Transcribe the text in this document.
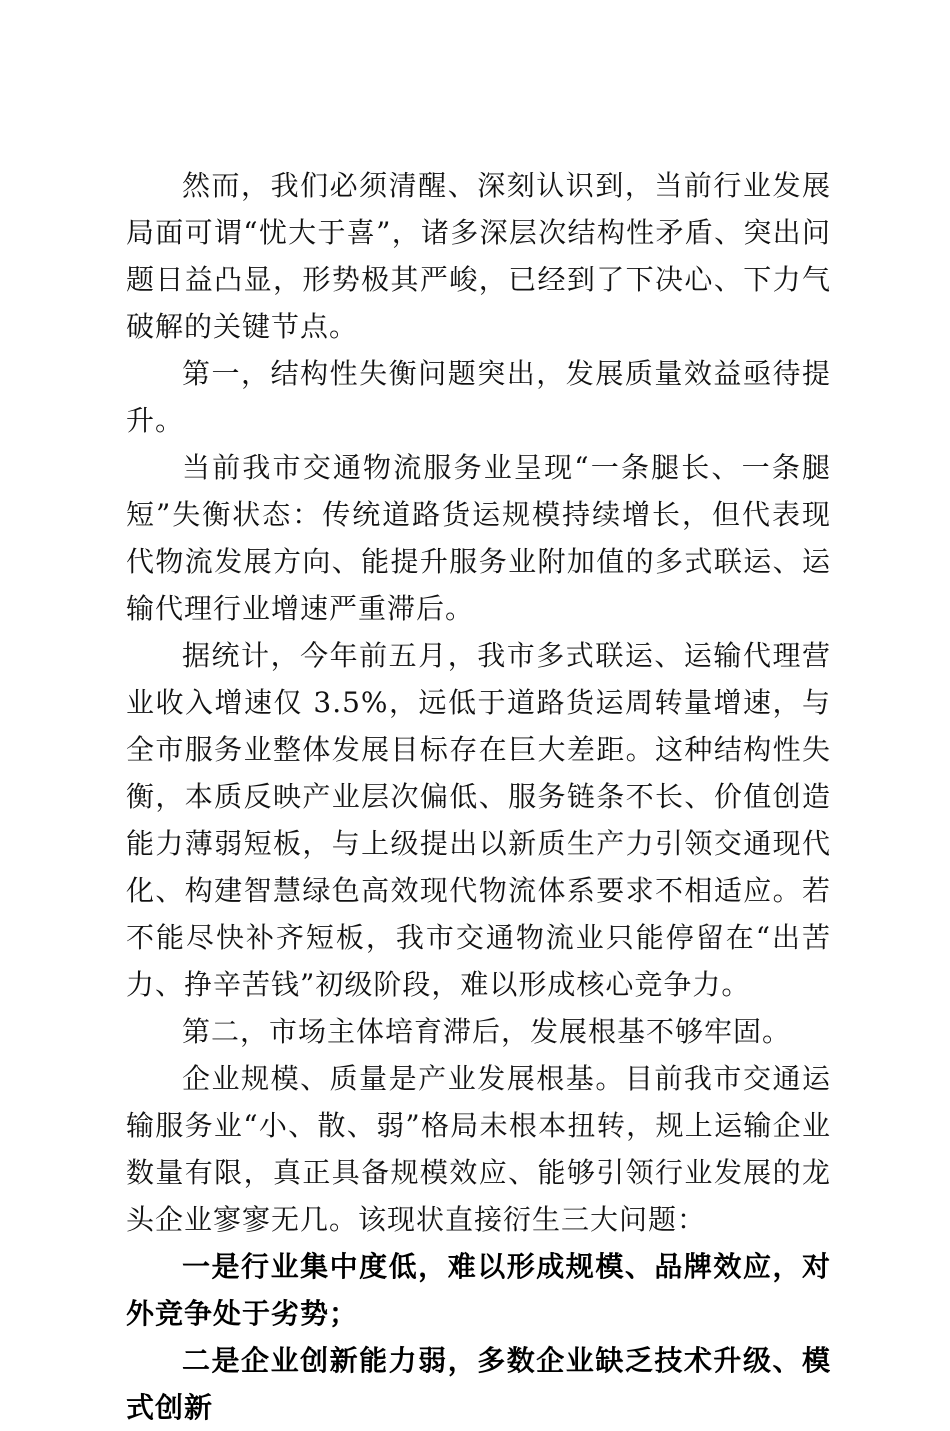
然而，我们必须清醒、深刻认识到，当前行业发展局面可谓“忧大于喜”，诸多深层次结构性矛盾、突出问题日益凸显，形势极其严峻，已经到了下决心、下力气破解的关键节点。

第一，结构性失衡问题突出，发展质量效益亟待提升。

当前我市交通物流服务业呈现“一条腿长、一条腿短”失衡状态：传统道路货运规模持续增长，但代表现代物流发展方向、能提升服务业附加值的多式联运、运输代理行业增速严重滞后。

据统计，今年前五月，我市多式联运、运输代理营业收入增速仅 3.5%，远低于道路货运周转量增速，与全市服务业整体发展目标存在巨大差距。这种结构性失衡，本质反映产业层次偏低、服务链条不长、价值创造能力薄弱短板，与上级提出以新质生产力引领交通现代化、构建智慧绿色高效现代物流体系要求不相适应。若不能尽快补齐短板，我市交通物流业只能停留在“出苦力、挣辛苦钱”初级阶段，难以形成核心竞争力。

第二，市场主体培育滞后，发展根基不够牢固。

企业规模、质量是产业发展根基。目前我市交通运输服务业“小、散、弱”格局未根本扭转，规上运输企业数量有限，真正具备规模效应、能够引领行业发展的龙头企业寥寥无几。该现状直接衍生三大问题：

一是行业集中度低，难以形成规模、品牌效应，对外竞争处于劣势；

二是企业创新能力弱，多数企业缺乏技术升级、模式创新
